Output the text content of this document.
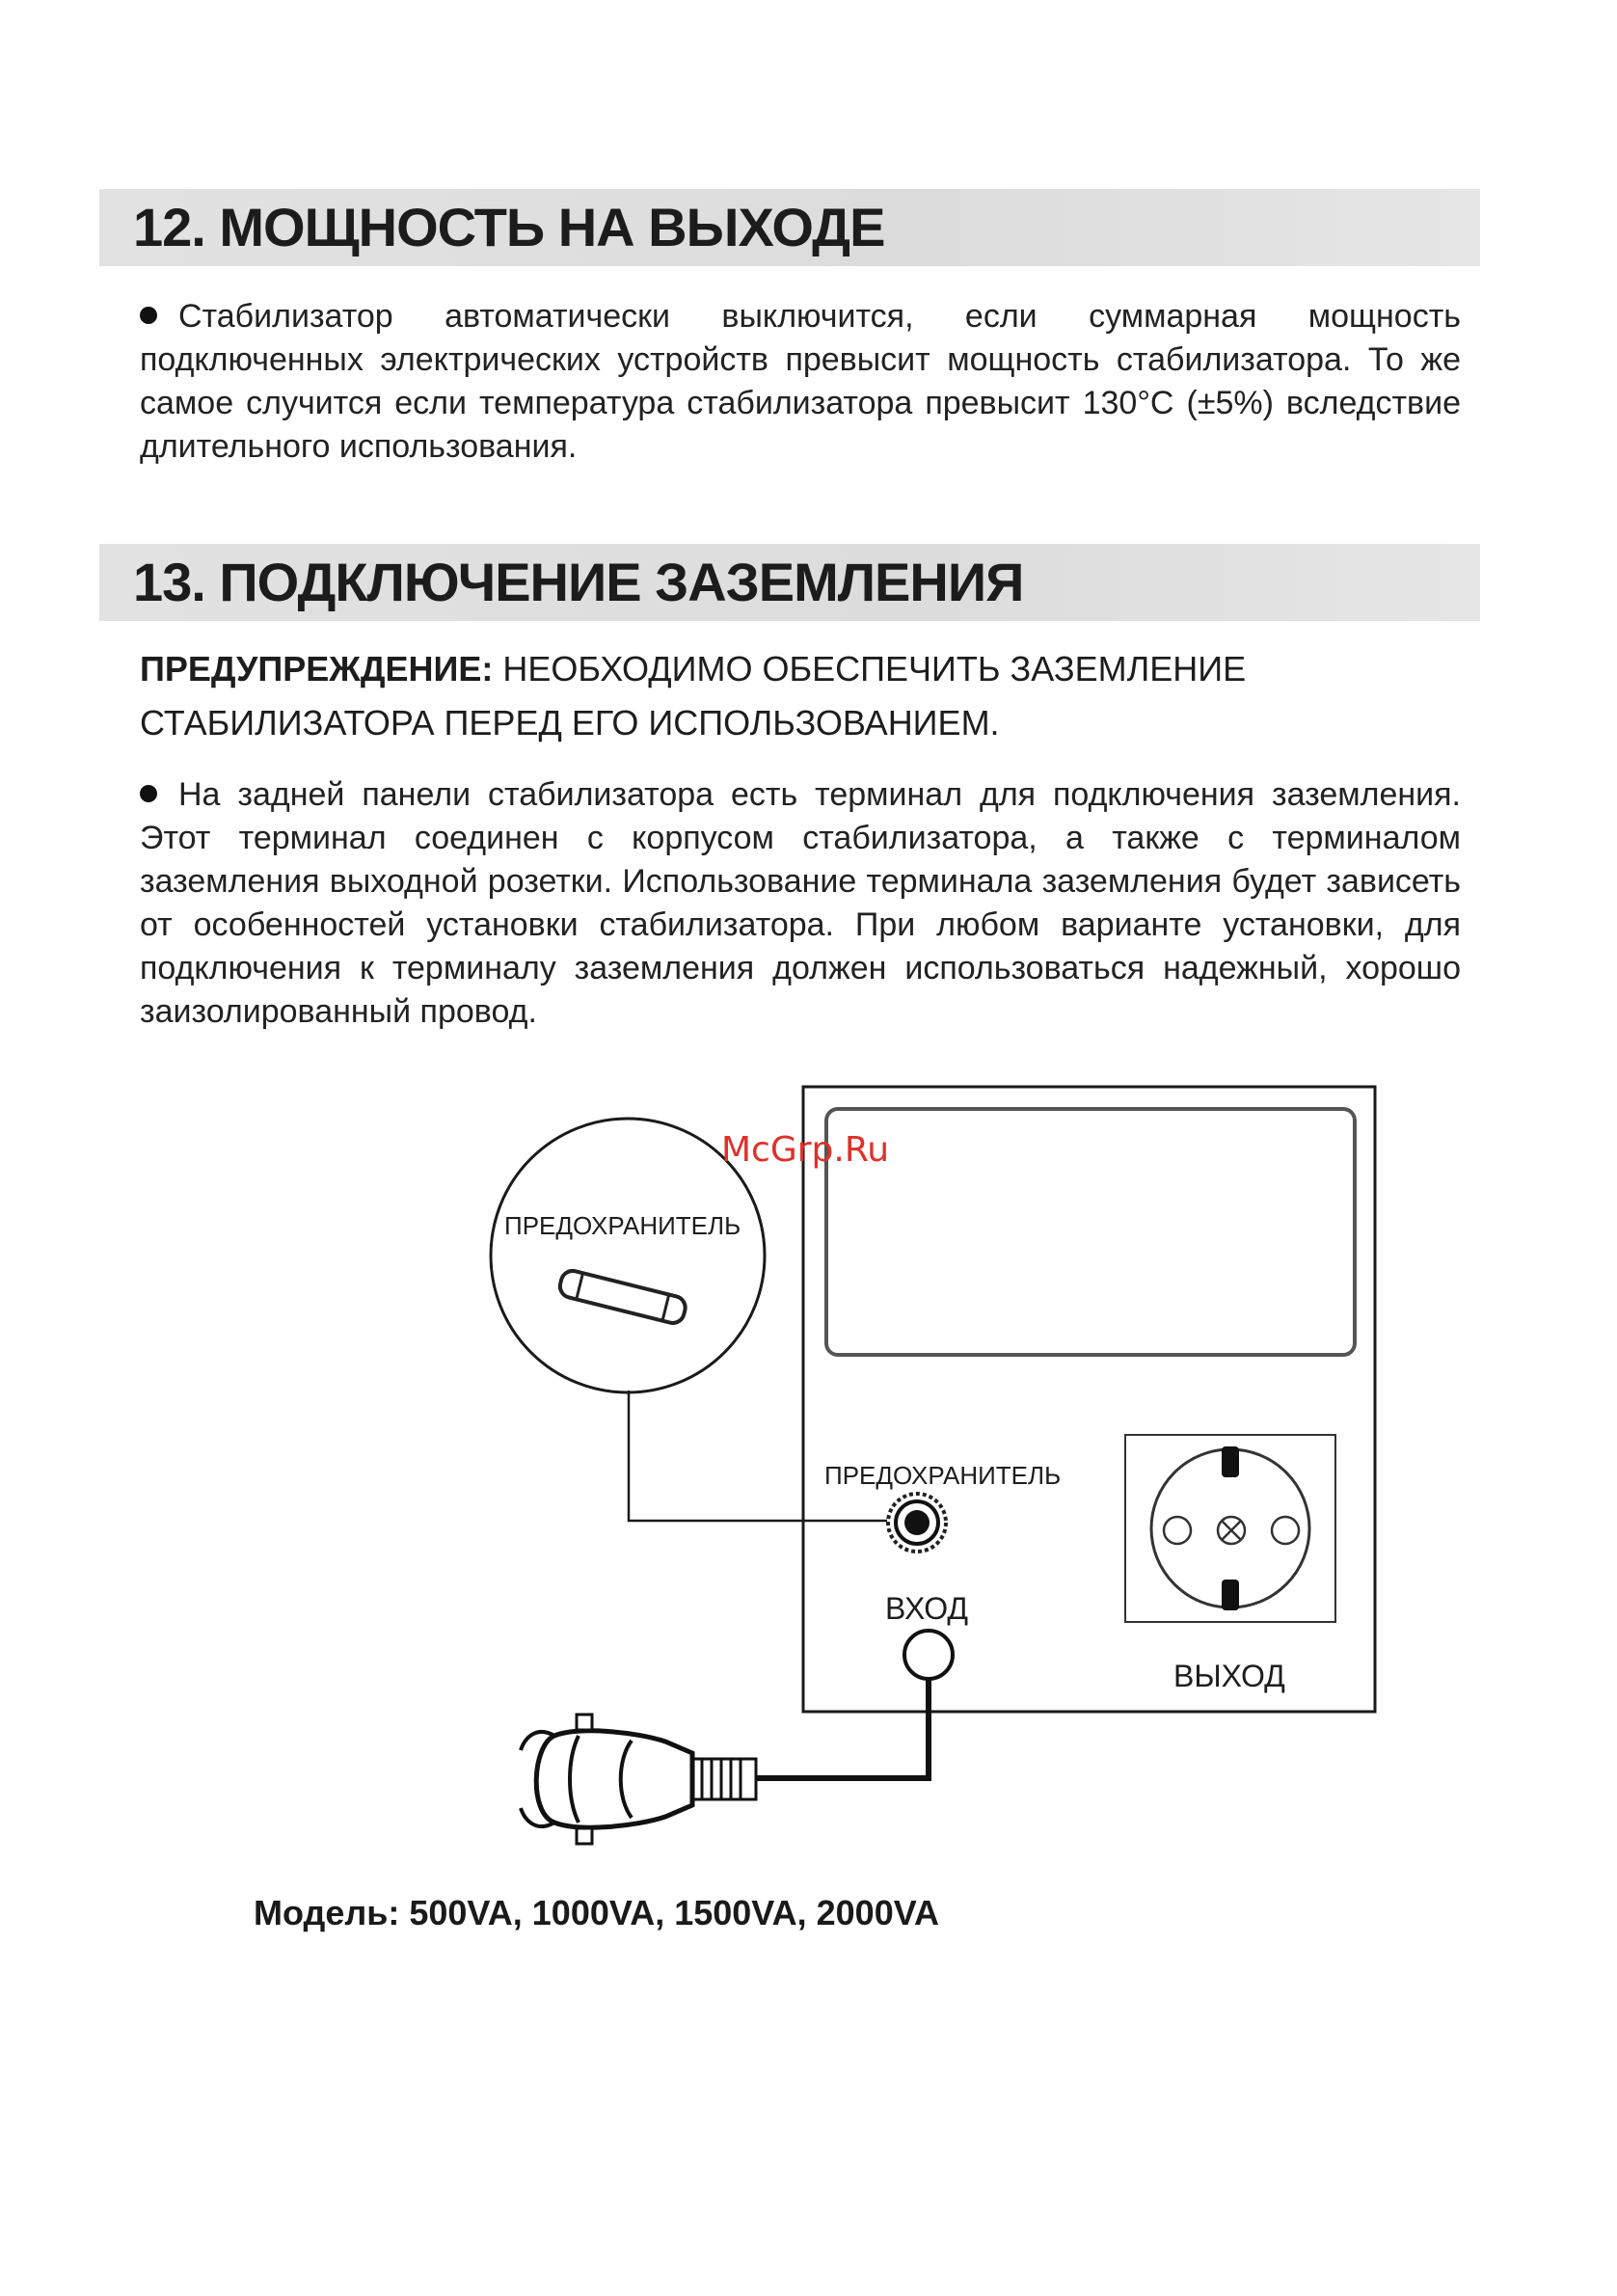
12. МОЩНОСТЬ НА ВЫХОДЕ
Стабилизатор автоматически выключится, если суммарная мощность подключенных электрических устройств превысит мощность стабилизатора. То же самое случится если температура стабилизатора превысит 130°C (±5%) вследствие длительного использования.
13. ПОДКЛЮЧЕНИЕ ЗАЗЕМЛЕНИЯ
ПРЕДУПРЕЖДЕНИЕ: НЕОБХОДИМО ОБЕСПЕЧИТЬ ЗАЗЕМЛЕНИЕ СТАБИЛИЗАТОРА ПЕРЕД ЕГО ИСПОЛЬЗОВАНИЕМ.
На задней панели стабилизатора есть терминал для подключения заземления. Этот терминал соединен с корпусом стабилизатора, а также с терминалом заземления выходной розетки. Использование терминала заземления будет зависеть от особенностей установки стабилизатора. При любом варианте установки, для подключения к терминалу заземления должен использоваться надежный, хорошо заизолированный провод.
ПРЕДОХРАНИТЕЛЬ
ПРЕДОХРАНИТЕЛЬ
ВХОД
ВЫХОД
McGrp.Ru
Модель: 500VA, 1000VA, 1500VA, 2000VA
